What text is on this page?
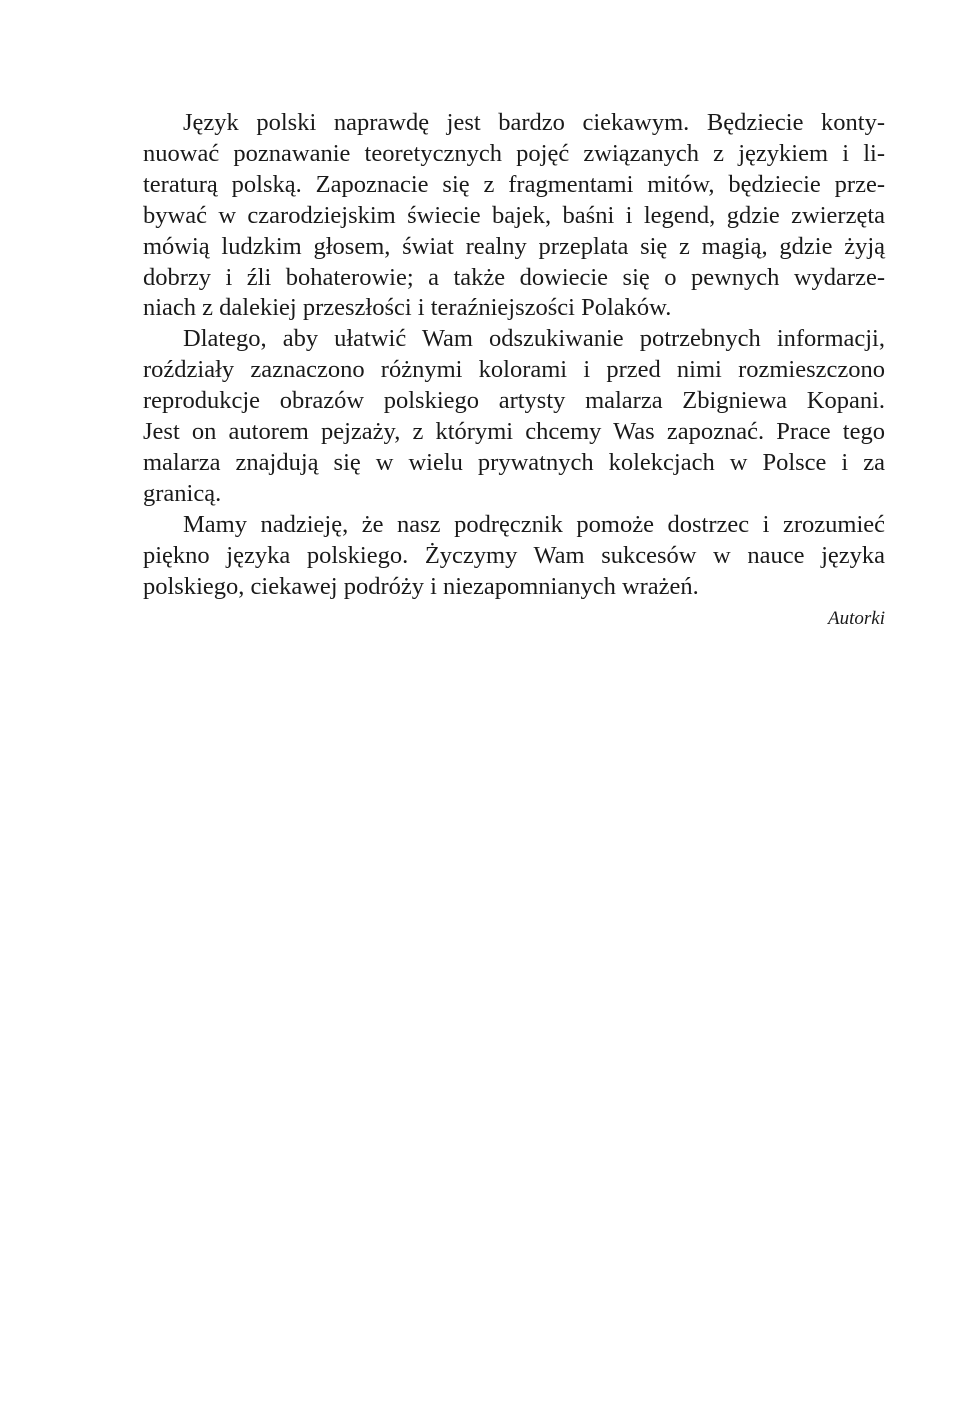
Język polski naprawdę jest bardzo ciekawym. Będziecie konty-
nuować poznawanie teoretycznych pojęć związanych z językiem i li-
teraturą polską. Zapoznacie się z fragmentami mitów, będziecie prze-
bywać w czarodziejskim świecie bajek, baśni i legend, gdzie zwierzęta
mówią ludzkim głosem, świat realny przeplata się z magią, gdzie żyją
dobrzy i źli bohaterowie; a także dowiecie się o pewnych wydarze-
niach z dalekiej przeszłości i teraźniejszości Polaków.
Dlatego, aby ułatwić Wam odszukiwanie potrzebnych informacji,
roździały zaznaczono różnymi kolorami i przed nimi rozmieszczono
reprodukcje obrazów polskiego artysty malarza Zbigniewa Kopani.
Jest on autorem pejzaży, z którymi chcemy Was zapoznać. Prace tego
malarza znajdują się w wielu prywatnych kolekcjach w Polsce i za
granicą.
Mamy nadzieję, że nasz podręcznik pomoże dostrzec i zrozumieć
piękno języka polskiego. Życzymy Wam sukcesów w nauce języka
polskiego, ciekawej podróży i niezapomnianych wrażeń.
Autorki
